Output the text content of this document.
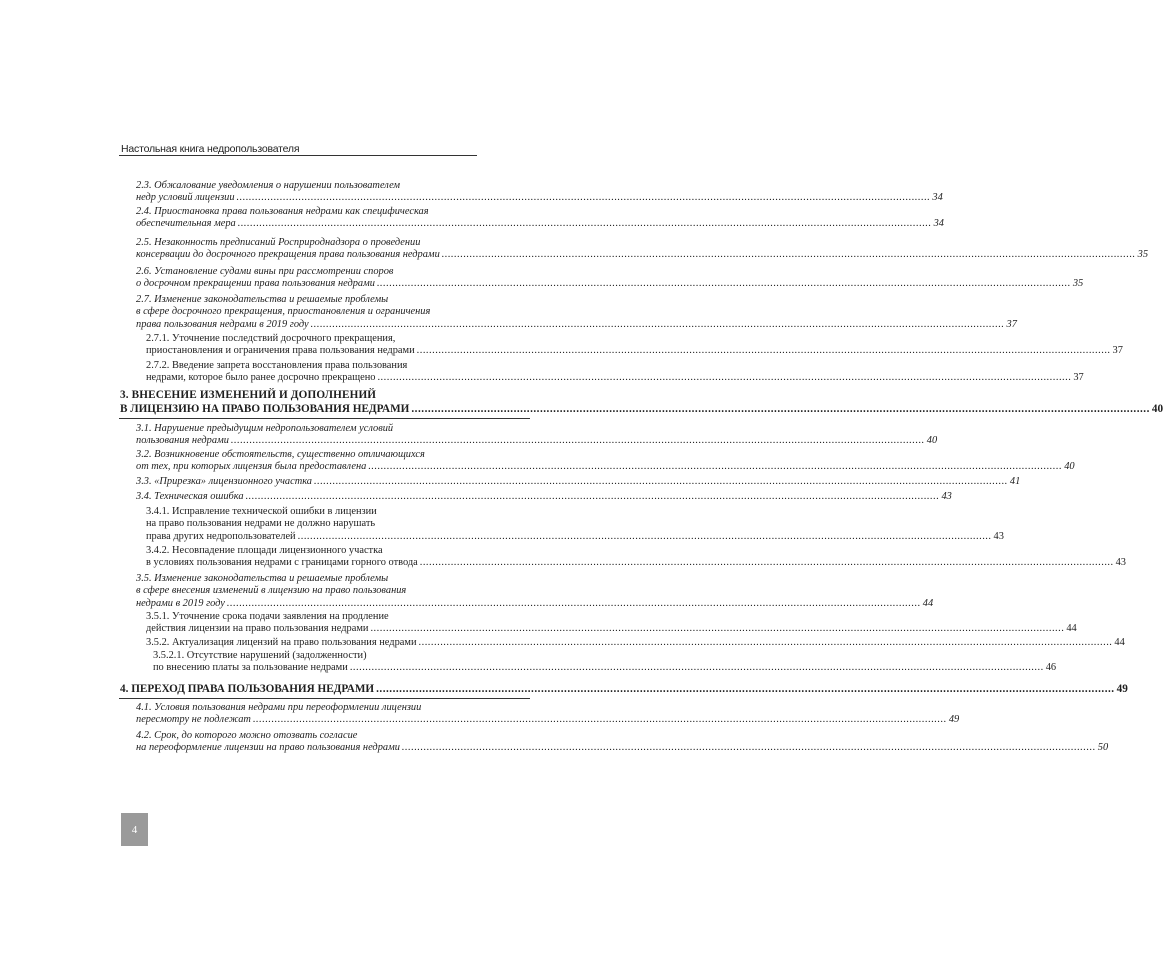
Настольная книга недропользователя
2.3. Обжалование уведомления о нарушении пользователем
недр условий лицензии ................................................................................................................................................................................................................................ 34
2.4. Приостановка права пользования недрами как специфическая
обеспечительная мера ................................................................................................................................................................................................................................ 34
2.5. Незаконность предписаний Росприроднадзора о проведении
консервации до досрочного прекращения права пользования недрами ................................................................................................................................................................................................................................ 35
2.6. Установление судами вины при рассмотрении споров
о досрочном прекращении права пользования недрами ................................................................................................................................................................................................................................ 35
2.7. Изменение законодательства и решаемые проблемы
в сфере досрочного прекращения, приостановления и ограничения
права пользования недрами в 2019 году ................................................................................................................................................................................................................................ 37
2.7.1. Уточнение последствий досрочного прекращения,
приостановления и ограничения права пользования недрами ................................................................................................................................................................................................................................ 37
2.7.2. Введение запрета восстановления права пользования
недрами, которое было ранее досрочно прекращено ................................................................................................................................................................................................................................ 37
3. ВНЕСЕНИЕ ИЗМЕНЕНИЙ И ДОПОЛНЕНИЙ
В ЛИЦЕНЗИЮ НА ПРАВО ПОЛЬЗОВАНИЯ НЕДРАМИ ................................................................................................................................................................................................................................ 40
3.1. Нарушение предыдущим недропользователем условий
пользования недрами ................................................................................................................................................................................................................................ 40
3.2. Возникновение обстоятельств, существенно отличающихся
от тех, при которых лицензия была предоставлена ................................................................................................................................................................................................................................ 40
3.3. «Прирезка» лицензионного участка ................................................................................................................................................................................................................................ 41
3.4. Техническая ошибка ................................................................................................................................................................................................................................ 43
3.4.1. Исправление технической ошибки в лицензии
на право пользования недрами не должно нарушать
права других недропользователей ................................................................................................................................................................................................................................ 43
3.4.2. Несовпадение площади лицензионного участка
в условиях пользования недрами с границами горного отвода ................................................................................................................................................................................................................................ 43
3.5. Изменение законодательства и решаемые проблемы
в сфере внесения изменений в лицензию на право пользования
недрами в 2019 году ................................................................................................................................................................................................................................ 44
3.5.1. Уточнение срока подачи заявления на продление
действия лицензии на право пользования недрами ................................................................................................................................................................................................................................ 44
3.5.2. Актуализация лицензий на право пользования недрами ................................................................................................................................................................................................................................ 44
3.5.2.1. Отсутствие нарушений (задолженности)
по внесению платы за пользование недрами ................................................................................................................................................................................................................................ 46
4. ПЕРЕХОД ПРАВА ПОЛЬЗОВАНИЯ НЕДРАМИ ................................................................................................................................................................................................................................ 49
4.1. Условия пользования недрами при переоформлении лицензии
пересмотру не подлежат ................................................................................................................................................................................................................................ 49
4.2. Срок, до которого можно отозвать согласие
на переоформление лицензии на право пользования недрами ................................................................................................................................................................................................................................ 50
4
